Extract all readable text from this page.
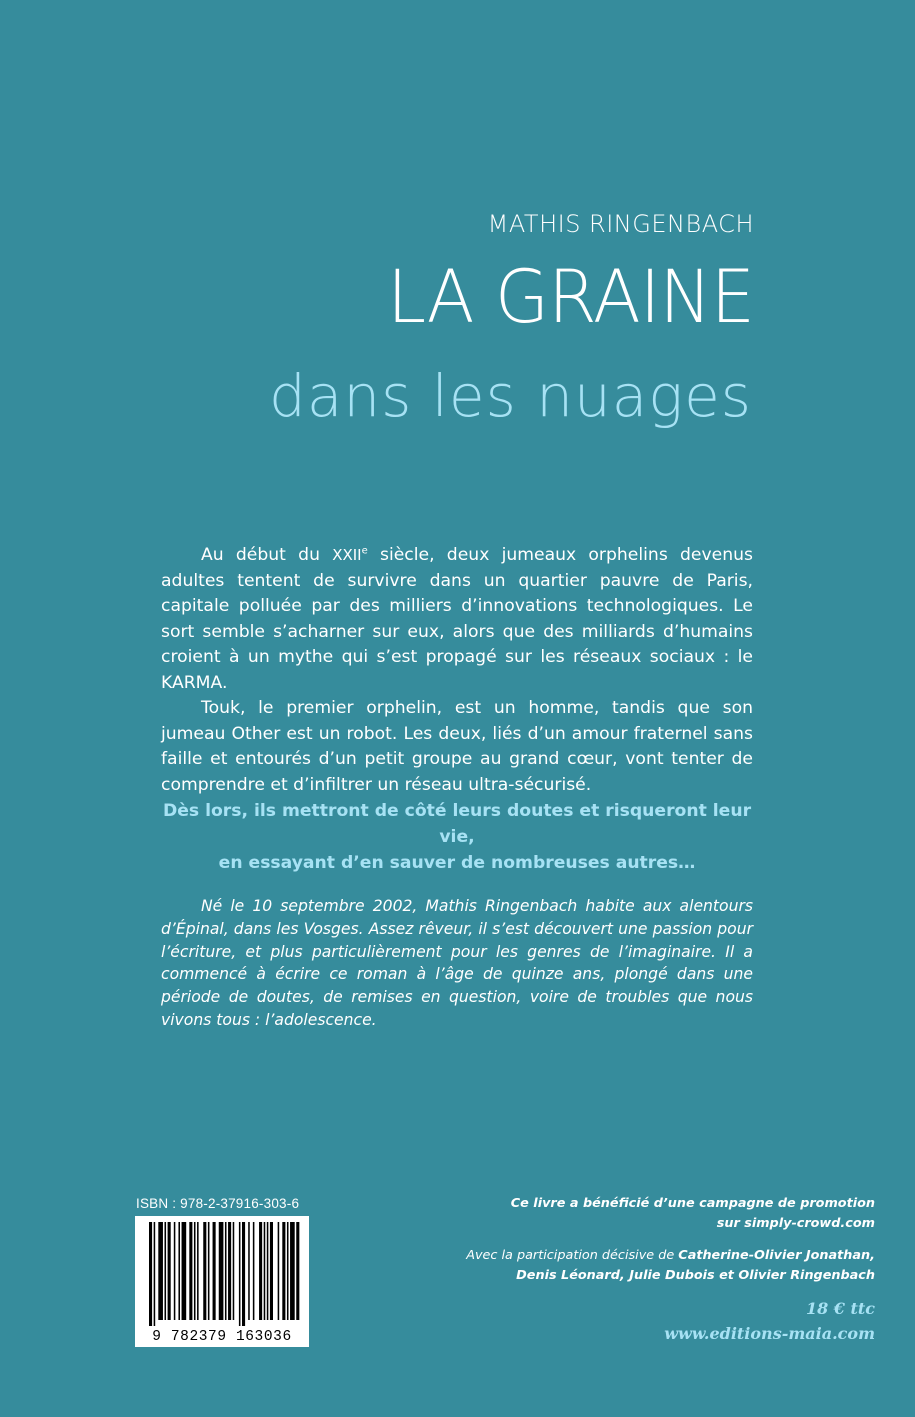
MATHIS RINGENBACH
LA GRAINE
dans les nuages

Au début du XXIIe siècle, deux jumeaux orphelins devenus adultes tentent de survivre dans un quartier pauvre de Paris, capitale polluée par des milliers d’innovations technologiques. Le sort semble s’acharner sur eux, alors que des milliards d’humains croient à un mythe qui s’est propagé sur les réseaux sociaux : le KARMA.

Touk, le premier orphelin, est un homme, tandis que son jumeau Other est un robot. Les deux, liés d’un amour fraternel sans faille et entourés d’un petit groupe au grand cœur, vont tenter de comprendre et d’infiltrer un réseau ultra-sécurisé.

Dès lors, ils mettront de côté leurs doutes et risqueront leur vie,
en essayant d’en sauver de nombreuses autres…

Né le 10 septembre 2002, Mathis Ringenbach habite aux alentours d’Épinal, dans les Vosges. Assez rêveur, il s’est découvert une passion pour l’écriture, et plus particulièrement pour les genres de l’imaginaire. Il a commencé à écrire ce roman à l’âge de quinze ans, plongé dans une période de doutes, de remises en question, voire de troubles que nous vivons tous : l’adolescence.

ISBN : 978-2-37916-303-6
9 782379 163036

Ce livre a bénéficié d’une campagne de promotion

sur simply-crowd.com

Avec la participation décisive de Catherine-Olivier Jonathan,

Denis Léonard, Julie Dubois et Olivier Ringenbach

18 € ttc
www.editions-maia.com
